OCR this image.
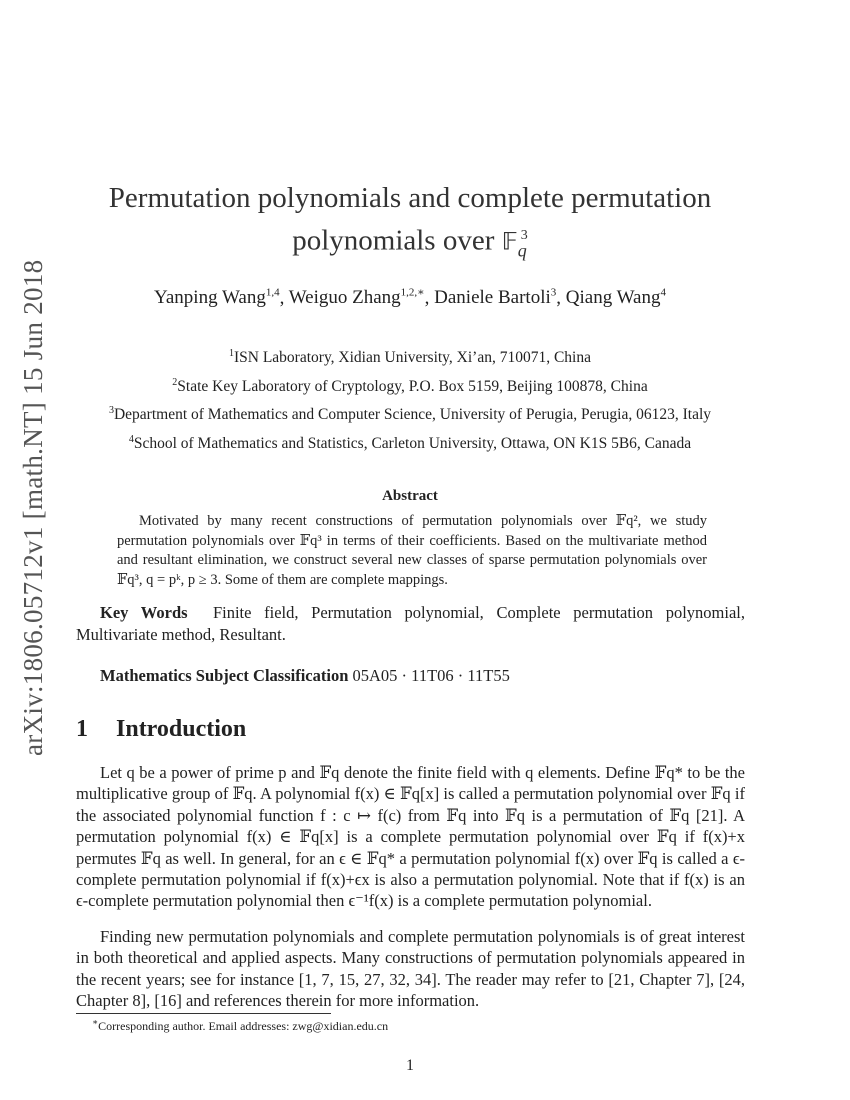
arXiv:1806.05712v1 [math.NT] 15 Jun 2018
Permutation polynomials and complete permutation
polynomials over 𝔽$_q^3$
Yanping Wang$^{1,4}$, Weiguo Zhang$^{1,2,∗}$, Daniele Bartoli$^3$, Qiang Wang$^4$
$^1$ISN Laboratory, Xidian University, Xi’an, 710071, China
$^2$State Key Laboratory of Cryptology, P.O. Box 5159, Beijing 100878, China
$^3$Department of Mathematics and Computer Science, University of Perugia, Perugia, 06123, Italy
$^4$School of Mathematics and Statistics, Carleton University, Ottawa, ON K1S 5B6, Canada
Abstract
Motivated by many recent constructions of permutation polynomials over 𝔽q², we study permutation polynomials over 𝔽q³ in terms of their coefficients. Based on the multivariate method and resultant elimination, we construct several new classes of sparse permutation polynomials over 𝔽q³, q = pᵏ, p ≥ 3. Some of them are complete mappings.
Key Words Finite field, Permutation polynomial, Complete permutation polynomial, Multivariate method, Resultant.
Mathematics Subject Classification 05A05 · 11T06 · 11T55
1 Introduction
Let q be a power of prime p and 𝔽q denote the finite field with q elements. Define 𝔽q* to be the multiplicative group of 𝔽q. A polynomial f(x) ∈ 𝔽q[x] is called a permutation polynomial over 𝔽q if the associated polynomial function f : c ↦ f(c) from 𝔽q into 𝔽q is a permutation of 𝔽q [21]. A permutation polynomial f(x) ∈ 𝔽q[x] is a complete permutation polynomial over 𝔽q if f(x)+x permutes 𝔽q as well. In general, for an ϵ ∈ 𝔽q* a permutation polynomial f(x) over 𝔽q is called a ϵ-complete permutation polynomial if f(x)+ϵx is also a permutation polynomial. Note that if f(x) is an ϵ-complete permutation polynomial then ϵ⁻¹f(x) is a complete permutation polynomial.
Finding new permutation polynomials and complete permutation polynomials is of great interest in both theoretical and applied aspects. Many constructions of permutation polynomials appeared in the recent years; see for instance [1, 7, 15, 27, 32, 34]. The reader may refer to [21, Chapter 7], [24, Chapter 8], [16] and references therein for more information.
∗Corresponding author. Email addresses: zwg@xidian.edu.cn
1
